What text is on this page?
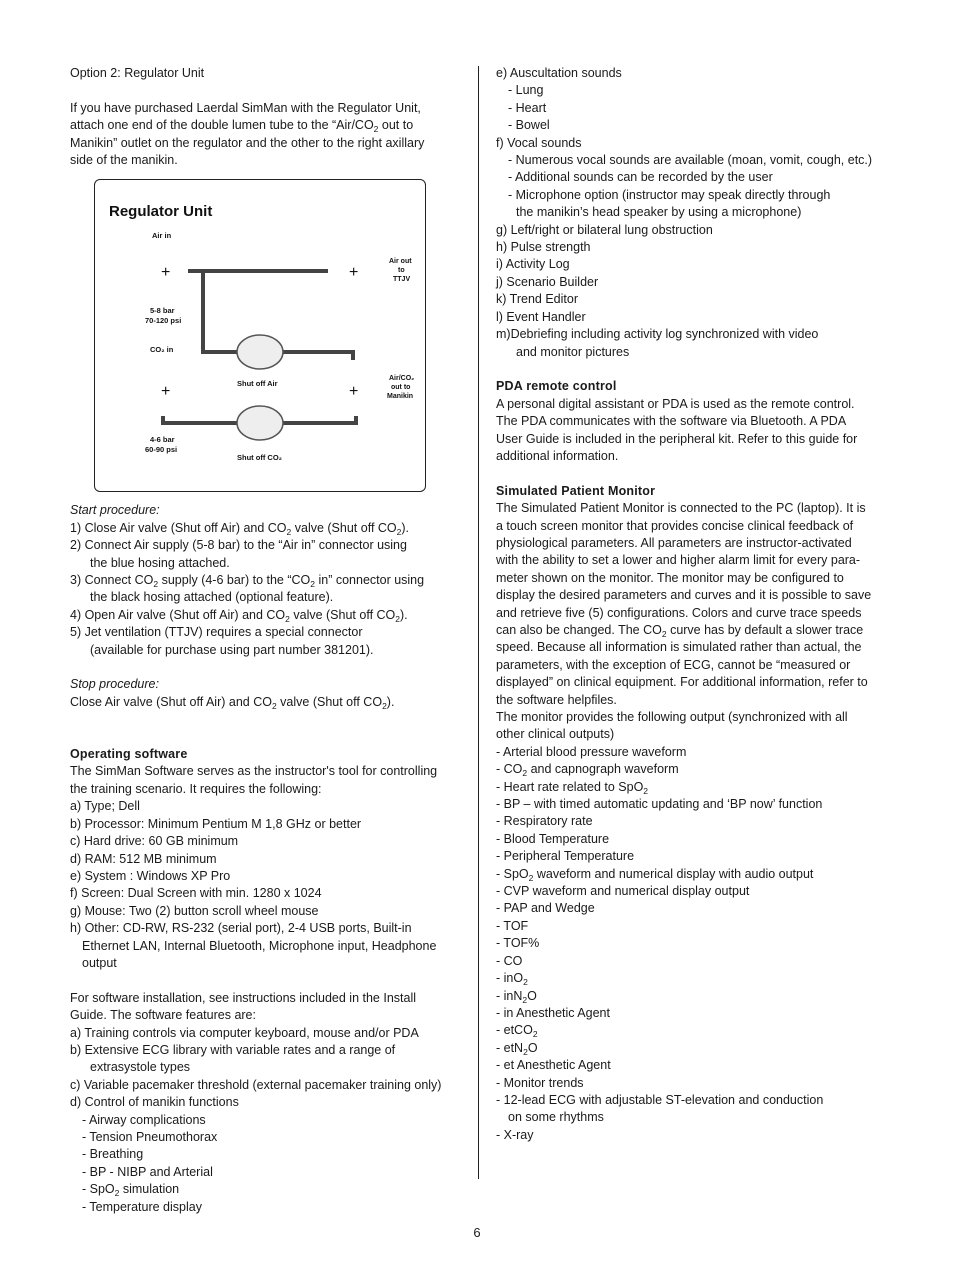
Option 2: Regulator Unit
If you have purchased Laerdal SimMan with the Regulator Unit,
attach one end of the double lumen tube to the “$Air/CO_2$ out to
Manikin” outlet on the regulator and the other to the right axillary
side of the manikin.
Regulator Unit
Air in
+	+
Air out
to
TTJV
5-8 bar
70-120 psi
CO₂ in
Shut off Air
+	+
Air/CO₂
out to
Manikin
4-6 bar
60-90 psi
Shut off CO₂
Start procedure:
1) Close Air valve (Shut off Air) and $CO_2$ valve (Shut off $CO_2$).
2) Connect Air supply (5-8 bar) to the “Air in” connector using
the blue hosing attached.
3) Connect $CO_2$ supply (4-6 bar) to the “$CO_2$ in” connector using
the black hosing attached (optional feature).
4) Open Air valve (Shut off Air) and $CO_2$ valve (Shut off $CO_2$).
5) Jet ventilation (TTJV) requires a special connector
(available for purchase using part number 381201).
Stop procedure:
Close Air valve (Shut off Air) and $CO_2$ valve (Shut off $CO_2$).
Operating software
The SimMan Software serves as the instructor's tool for controlling
the training scenario. It requires the following:
a) Type; Dell
b) Processor: Minimum Pentium M 1,8 GHz or better
c) Hard drive: 60 GB minimum
d) RAM: 512 MB minimum
e) System : Windows XP Pro
f) Screen: Dual Screen with min. 1280 x 1024
g) Mouse: Two (2) button scroll wheel mouse
h) Other: CD-RW, RS-232 (serial port), 2-4 USB ports, Built-in
Ethernet LAN, Internal Bluetooth, Microphone input, Headphone
output
For software installation, see instructions included in the Install
Guide. The software features are:
a) Training controls via computer keyboard, mouse and/or PDA
b) Extensive ECG library with variable rates and a range of
extrasystole types
c) Variable pacemaker threshold (external pacemaker training only)
d) Control of manikin functions
- Airway complications
- Tension Pneumothorax
- Breathing
- BP - NIBP and Arterial
- SpO$_2$ simulation
- Temperature display
e) Auscultation sounds
- Lung
- Heart
- Bowel
f) Vocal sounds
- Numerous vocal sounds are available (moan, vomit, cough, etc.)
- Additional sounds can be recorded by the user
- Microphone option (instructor may speak directly through
the manikin’s head speaker by using a microphone)
g) Left/right or bilateral lung obstruction
h) Pulse strength
i) Activity Log
j) Scenario Builder
k) Trend Editor
l) Event Handler
m)Debriefing including activity log synchronized with video
and monitor pictures
PDA remote control
A personal digital assistant or PDA is used as the remote control.
The PDA communicates with the software via Bluetooth. A PDA
User Guide is included in the peripheral kit. Refer to this guide for
additional information.
Simulated Patient Monitor
The Simulated Patient Monitor is connected to the PC (laptop). It is
a touch screen monitor that provides concise clinical feedback of
physiological parameters. All parameters are instructor-activated
with the ability to set a lower and higher alarm limit for every para-
meter shown on the monitor. The monitor may be configured to
display the desired parameters and curves and it is possible to save
and retrieve five (5) configurations. Colors and curve trace speeds
can also be changed. The $CO_2$ curve has by default a slower trace
speed. Because all information is simulated rather than actual, the
parameters, with the exception of ECG, cannot be “measured or
displayed” on clinical equipment. For additional information, refer to
the software helpfiles.
The monitor provides the following output (synchronized with all
other clinical outputs)
- Arterial blood pressure waveform
- $CO_2$ and capnograph waveform
- Heart rate related to SpO$_2$
- BP – with timed automatic updating and ‘BP now’ function
- Respiratory rate
- Blood Temperature
- Peripheral Temperature
- SpO$_2$ waveform and numerical display with audio output
- CVP waveform and numerical display output
- PAP and Wedge
- TOF
- TOF%
- CO
- inO$_2$
- inN$_2$O
- in Anesthetic Agent
- etCO$_2$
- etN$_2$O
- et Anesthetic Agent
- Monitor trends
- 12-lead ECG with adjustable ST-elevation and conduction
on some rhythms
- X-ray
6
